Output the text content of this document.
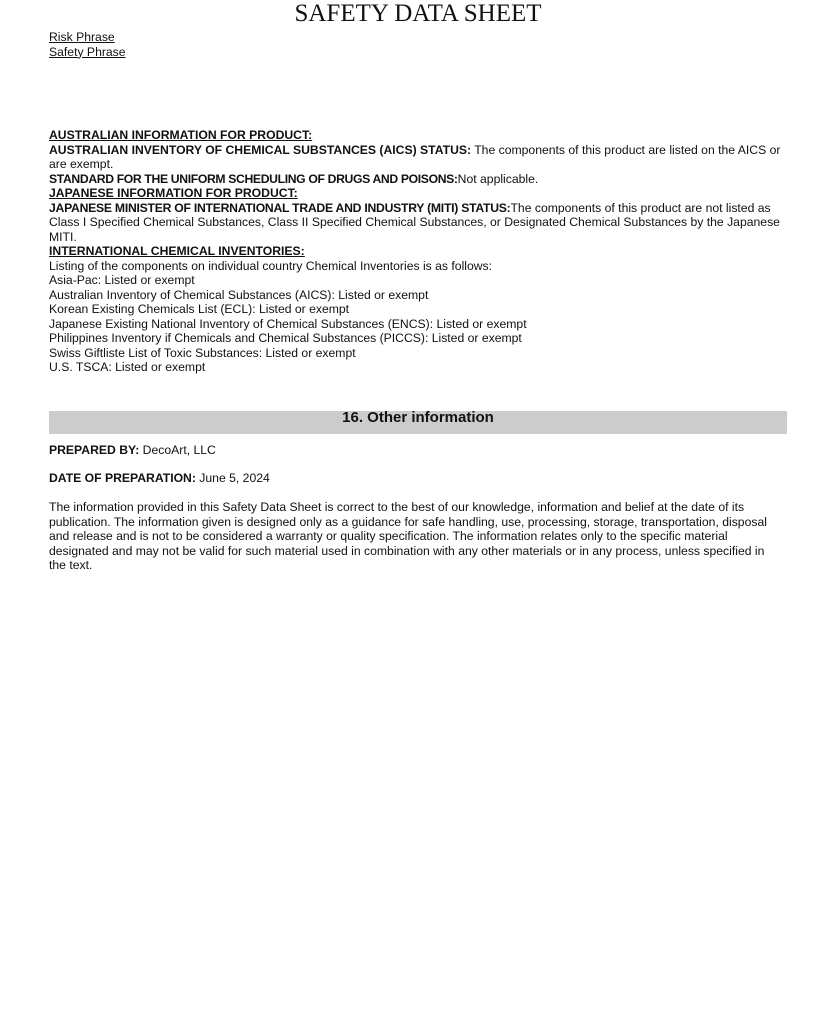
SAFETY DATA SHEET
Risk Phrase
Safety Phrase

AUSTRALIAN INFORMATION FOR PRODUCT:

AUSTRALIAN INVENTORY OF CHEMICAL SUBSTANCES (AICS) STATUS: The components of this product are listed on the AICS or are exempt.

STANDARD FOR THE UNIFORM SCHEDULING OF DRUGS AND POISONS:Not applicable.

JAPANESE INFORMATION FOR PRODUCT:

JAPANESE MINISTER OF INTERNATIONAL TRADE AND INDUSTRY (MITI) STATUS:The components of this product are not listed as Class I Specified Chemical Substances, Class II Specified Chemical Substances, or Designated Chemical Substances by the Japanese MITI.

INTERNATIONAL CHEMICAL INVENTORIES:

Listing of the components on individual country Chemical Inventories is as follows:

Asia-Pac: Listed or exempt

Australian Inventory of Chemical Substances (AICS): Listed or exempt

Korean Existing Chemicals List (ECL): Listed or exempt

Japanese Existing National Inventory of Chemical Substances (ENCS): Listed or exempt

Philippines Inventory if Chemicals and Chemical Substances (PICCS): Listed or exempt

Swiss Giftliste List of Toxic Substances: Listed or exempt

U.S. TSCA: Listed or exempt

16. Other information

PREPARED BY: DecoArt, LLC

DATE OF PREPARATION: June 5, 2024

The information provided in this Safety Data Sheet is correct to the best of our knowledge, information and belief at the date of its publication. The information given is designed only as a guidance for safe handling, use, processing, storage, transportation, disposal and release and is not to be considered a warranty or quality specification. The information relates only to the specific material designated and may not be valid for such material used in combination with any other materials or in any process, unless specified in the text.
